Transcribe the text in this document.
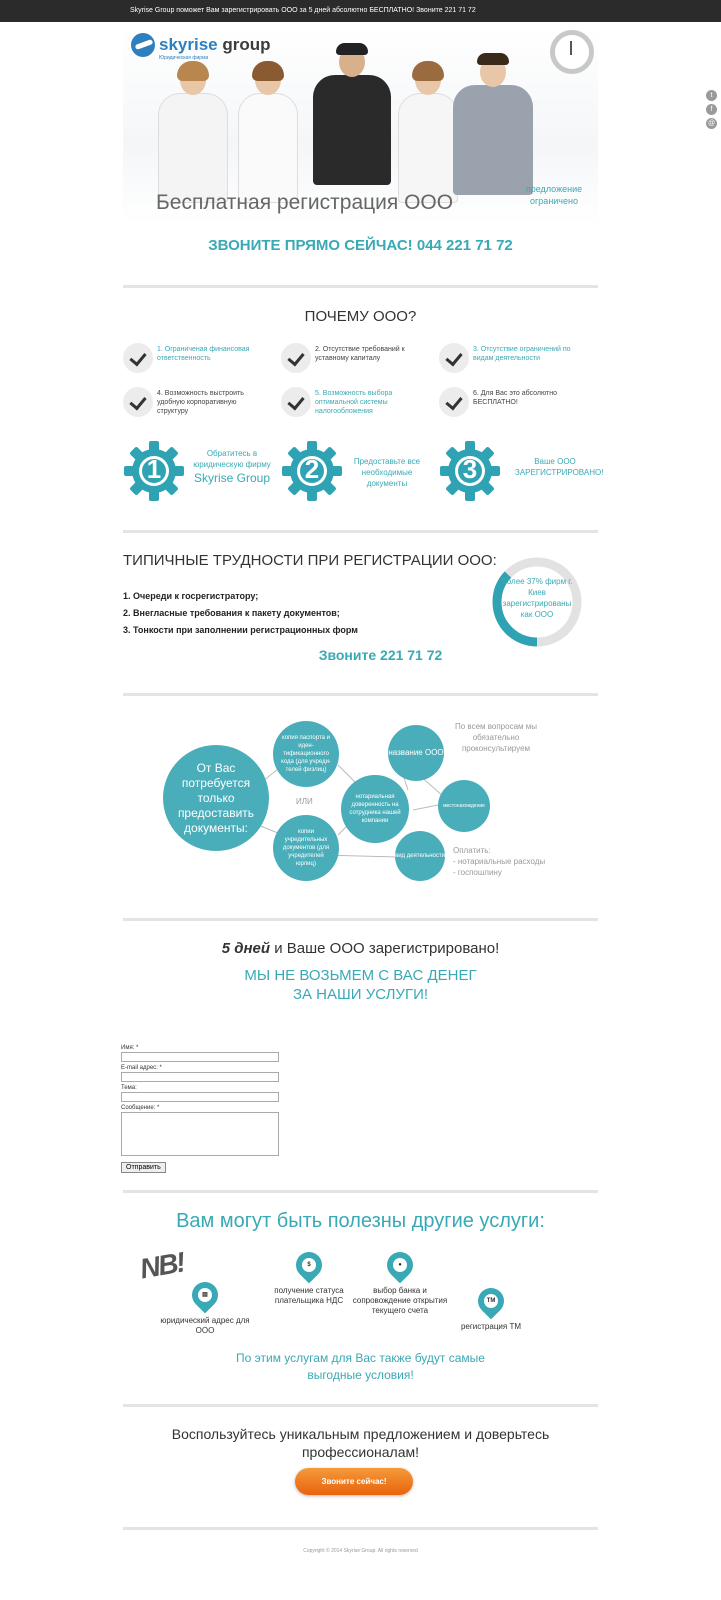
Skyrise Group поможет Вам зарегистрировать ООО за 5 дней абсолютно БЕСПЛАТНО! Звоните 221 71 72
t
f
@
skyrise group
Юридическая фирма
Бесплатная регистрация ООО
предложение ограничено
ЗВОНИТЕ ПРЯМО СЕЙЧАС! 044 221 71 72
ПОЧЕМУ ООО?
1. Ограниченая финансовая ответственность
2. Отсутствие требований к уставному капиталу
3. Отсутствие ограничений по видам деятельности
4. Возможность выстроить удобную корпоративную структуру
5. Возможность выбора оптимальной системы налогообложения
6. Для Вас это абсолютно БЕСПЛАТНО!
1
Обратитесь в юридическую фирму
Skyrise Group	2	Предоставьте все необходимые документы	3	Ваше ООО ЗАРЕГИСТРИРОВАНО!
ТИПИЧНЫЕ ТРУДНОСТИ ПРИ РЕГИСТРАЦИИ ООО:
1. Очереди к госрегистратору;
2. Внегласные требования к пакету документов;
3. Тонкости при заполнении регистрационных форм
Более 37% фирм г. Киев зарегистрированы как ООО
Звоните 221 71 72
От Вас потребуется только предоставить документы:
копия паспорта и иден-тификационного кода (для учреди-телей физлиц)
ИЛИ
копии учредительных документов (для учредителей юрлиц)
нотариальная доверенность на сотрудника нашей компании
название ООО
местонахождение
вид деятельности
По всем вопросам мы обязательно проконсультируем
Оплатить:
- нотариальные расходы
- госпошлину
5 дней и Ваше ООО зарегистрировано!
МЫ НЕ ВОЗЬМЕМ С ВАС ДЕНЕГ ЗА НАШИ УСЛУГИ!
Имя: *
E-mail адрес: *
Тема:
Сообщение: *
Отправить
Вам могут быть полезны другие услуги:
NB!
▤
юридический адрес для ООО
$
получение статуса плательщика НДС
●
выбор банка и сопровождение открытия текущего счета
TM
регистрация ТМ
По этим услугам для Вас также будут самые выгодные условия!
Воспользуйтесь уникальным предложением и доверьтесь профессионалам!
Звоните сейчас!
Copyright © 2014 Skyrise Group. All rights reserved
